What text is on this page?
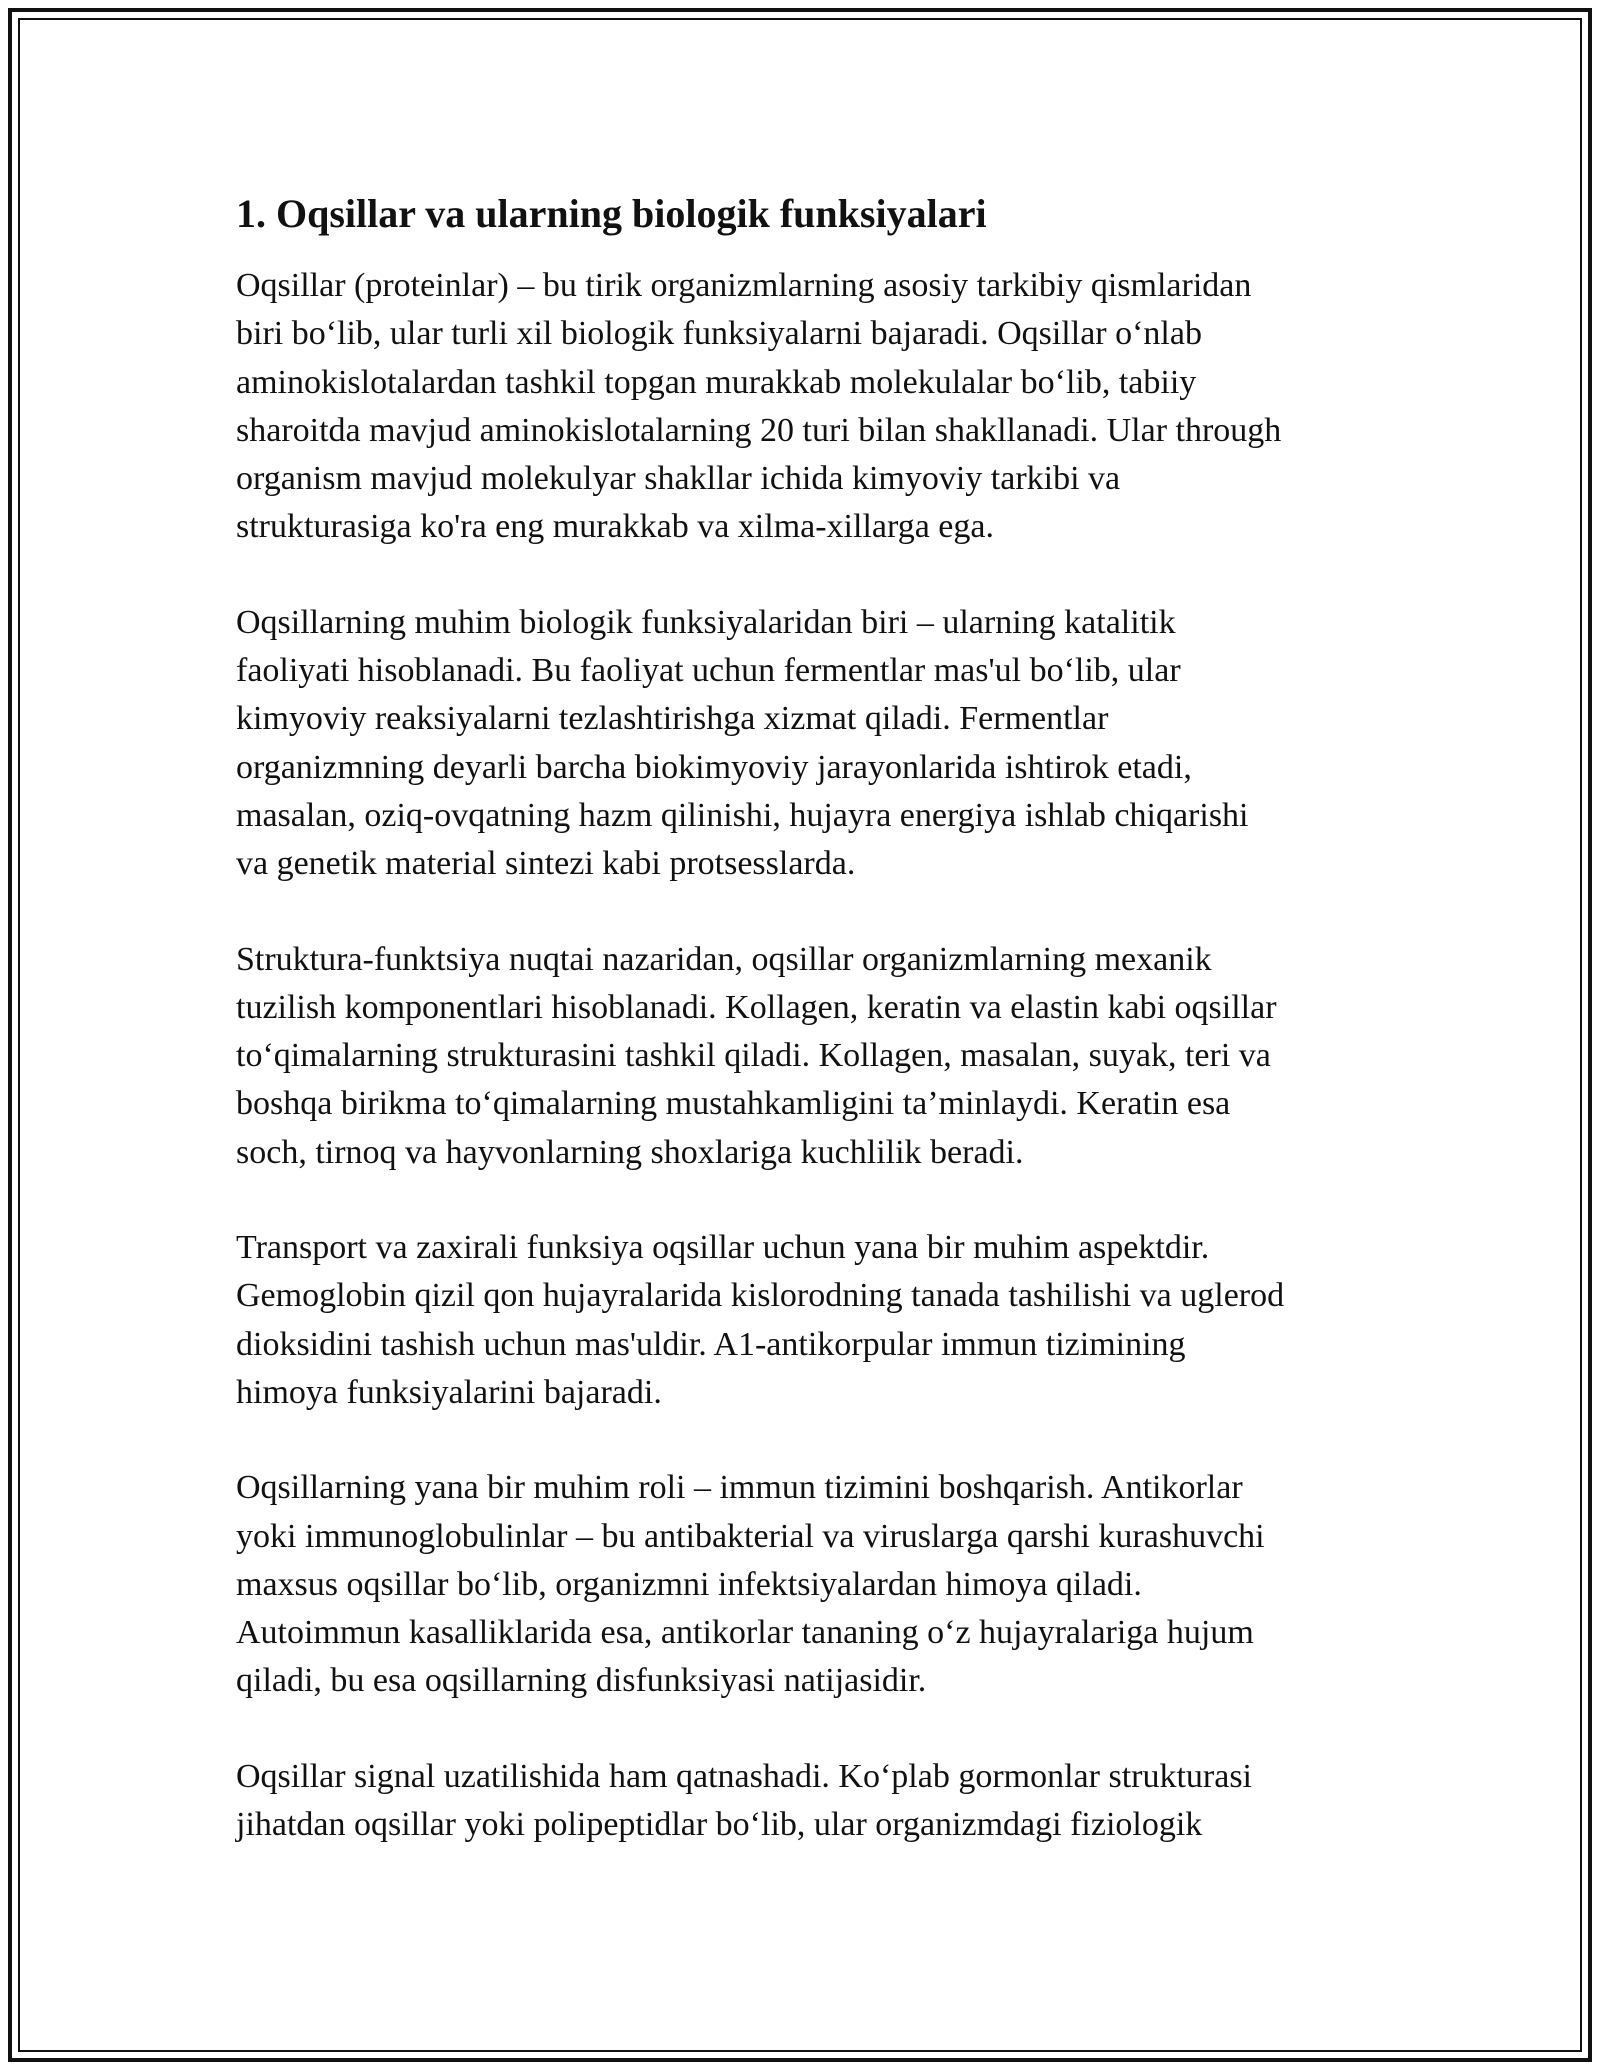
1. Oqsillar va ularning biologik funksiyalari

Oqsillar (proteinlar) – bu tirik organizmlarning asosiy tarkibiy qismlaridan
biri bo‘lib, ular turli xil biologik funksiyalarni bajaradi. Oqsillar o‘nlab
aminokislotalardan tashkil topgan murakkab molekulalar bo‘lib, tabiiy
sharoitda mavjud aminokislotalarning 20 turi bilan shakllanadi. Ular through
organism mavjud molekulyar shakllar ichida kimyoviy tarkibi va
strukturasiga ko'ra eng murakkab va xilma-xillarga ega.

Oqsillarning muhim biologik funksiyalaridan biri – ularning katalitik
faoliyati hisoblanadi. Bu faoliyat uchun fermentlar mas'ul bo‘lib, ular
kimyoviy reaksiyalarni tezlashtirishga xizmat qiladi. Fermentlar
organizmning deyarli barcha biokimyoviy jarayonlarida ishtirok etadi,
masalan, oziq-ovqatning hazm qilinishi, hujayra energiya ishlab chiqarishi
va genetik material sintezi kabi protsesslarda.

Struktura-funktsiya nuqtai nazaridan, oqsillar organizmlarning mexanik
tuzilish komponentlari hisoblanadi. Kollagen, keratin va elastin kabi oqsillar
to‘qimalarning strukturasini tashkil qiladi. Kollagen, masalan, suyak, teri va
boshqa birikma to‘qimalarning mustahkamligini ta’minlaydi. Keratin esa
soch, tirnoq va hayvonlarning shoxlariga kuchlilik beradi.

Transport va zaxirali funksiya oqsillar uchun yana bir muhim aspektdir.
Gemoglobin qizil qon hujayralarida kislorodning tanada tashilishi va uglerod
dioksidini tashish uchun mas'uldir. A1-antikorpular immun tizimining
himoya funksiyalarini bajaradi.

Oqsillarning yana bir muhim roli – immun tizimini boshqarish. Antikorlar
yoki immunoglobulinlar – bu antibakterial va viruslarga qarshi kurashuvchi
maxsus oqsillar bo‘lib, organizmni infektsiyalardan himoya qiladi.
Autoimmun kasalliklarida esa, antikorlar tananing o‘z hujayralariga hujum
qiladi, bu esa oqsillarning disfunksiyasi natijasidir.

Oqsillar signal uzatilishida ham qatnashadi. Ko‘plab gormonlar strukturasi
jihatdan oqsillar yoki polipeptidlar bo‘lib, ular organizmdagi fiziologik
